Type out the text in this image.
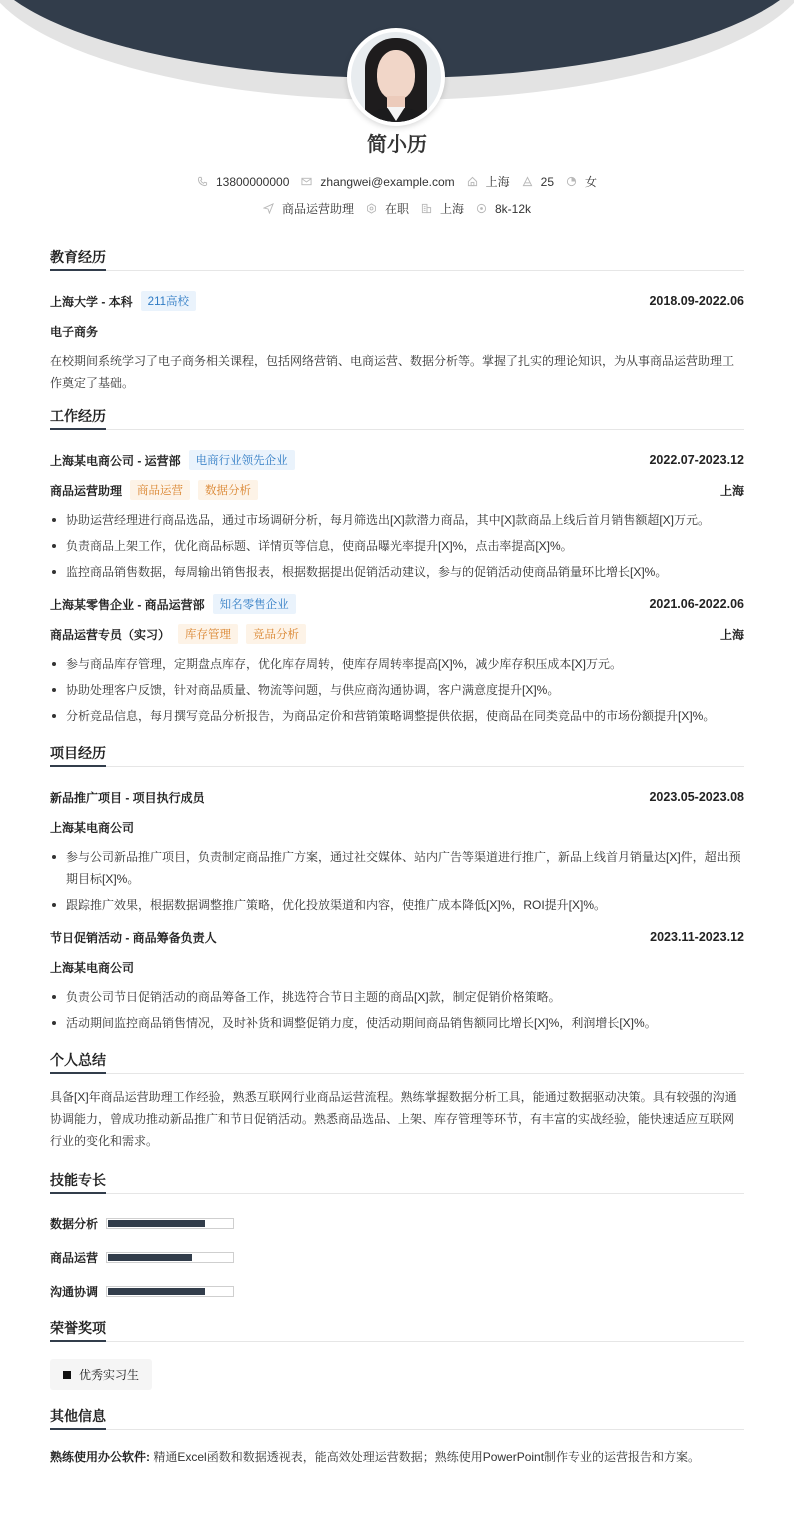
简小历
13800000000	zhangwei@example.com	上海	25	女
商品运营助理	在职	上海	8k-12k
教育经历
上海大学 - 本科	211高校	2018.09-2022.06
电子商务
在校期间系统学习了电子商务相关课程，包括网络营销、电商运营、数据分析等。掌握了扎实的理论知识，为从事商品运营助理工作奠定了基础。
工作经历
上海某电商公司 - 运营部	电商行业领先企业	2022.07-2023.12
商品运营助理	商品运营	数据分析	上海
协助运营经理进行商品选品，通过市场调研分析，每月筛选出[X]款潜力商品，其中[X]款商品上线后首月销售额超[X]万元。
负责商品上架工作，优化商品标题、详情页等信息，使商品曝光率提升[X]%，点击率提高[X]%。
监控商品销售数据，每周输出销售报表，根据数据提出促销活动建议，参与的促销活动使商品销量环比增长[X]%。
上海某零售企业 - 商品运营部	知名零售企业	2021.06-2022.06
商品运营专员（实习）	库存管理	竞品分析	上海
参与商品库存管理，定期盘点库存，优化库存周转，使库存周转率提高[X]%，减少库存积压成本[X]万元。
协助处理客户反馈，针对商品质量、物流等问题，与供应商沟通协调，客户满意度提升[X]%。
分析竞品信息，每月撰写竞品分析报告，为商品定价和营销策略调整提供依据，使商品在同类竞品中的市场份额提升[X]%。
项目经历
新品推广项目 - 项目执行成员	2023.05-2023.08
上海某电商公司
参与公司新品推广项目，负责制定商品推广方案，通过社交媒体、站内广告等渠道进行推广，新品上线首月销量达[X]件，超出预期目标[X]%。
跟踪推广效果，根据数据调整推广策略，优化投放渠道和内容，使推广成本降低[X]%，ROI提升[X]%。
节日促销活动 - 商品筹备负责人	2023.11-2023.12
上海某电商公司
负责公司节日促销活动的商品筹备工作，挑选符合节日主题的商品[X]款，制定促销价格策略。
活动期间监控商品销售情况，及时补货和调整促销力度，使活动期间商品销售额同比增长[X]%，利润增长[X]%。
个人总结
具备[X]年商品运营助理工作经验，熟悉互联网行业商品运营流程。熟练掌握数据分析工具，能通过数据驱动决策。具有较强的沟通协调能力，曾成功推动新品推广和节日促销活动。熟悉商品选品、上架、库存管理等环节，有丰富的实战经验，能快速适应互联网行业的变化和需求。
技能专长
数据分析
商品运营
沟通协调
荣誉奖项
优秀实习生
其他信息
熟练使用办公软件: 精通Excel函数和数据透视表，能高效处理运营数据；熟练使用PowerPoint制作专业的运营报告和方案。
